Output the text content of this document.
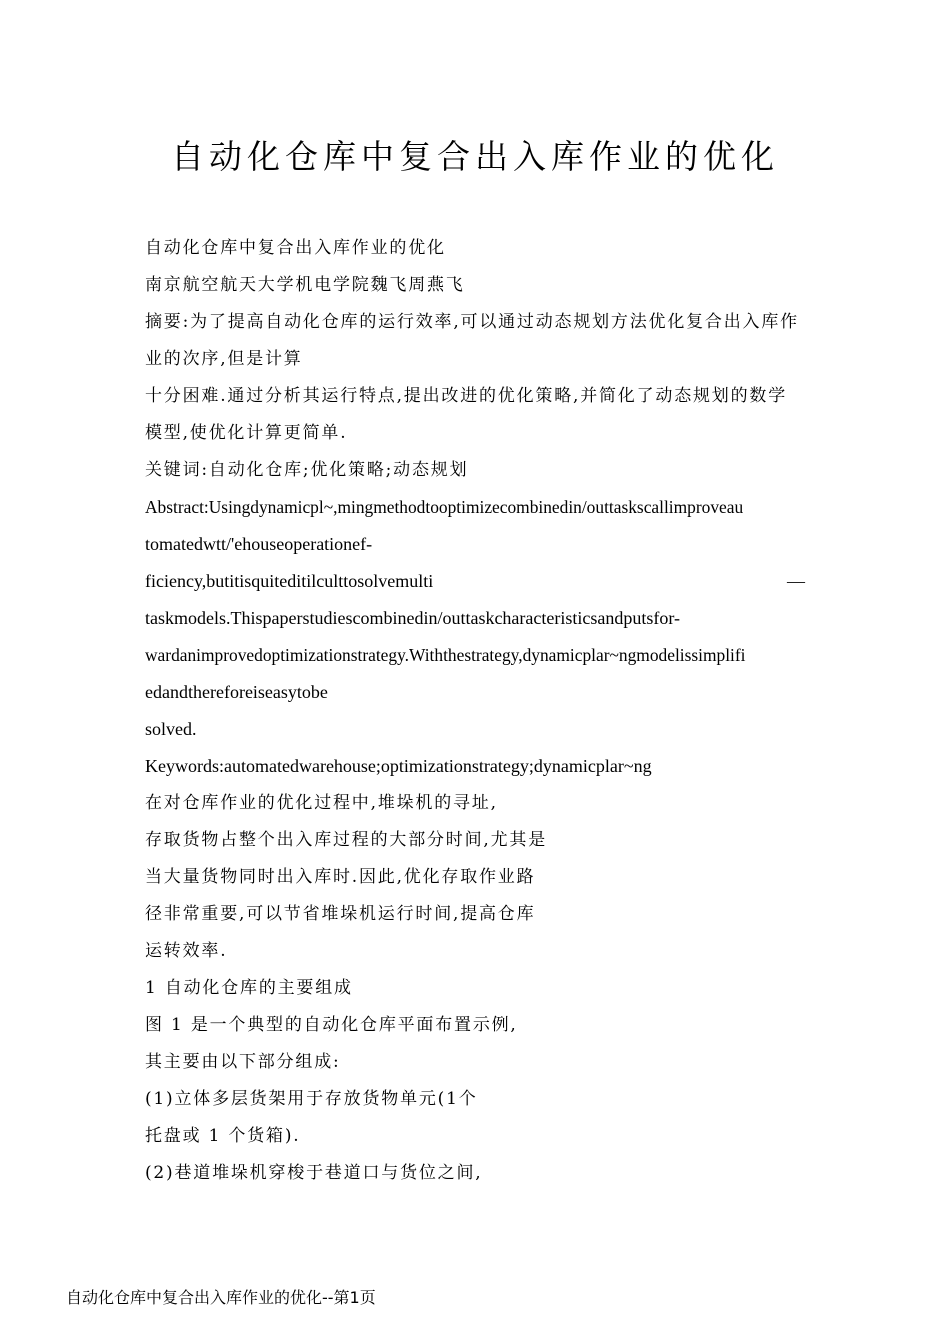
自动化仓库中复合出入库作业的优化
自动化仓库中复合出入库作业的优化
南京航空航天大学机电学院魏飞周燕飞
摘要:为了提高自动化仓库的运行效率,可以通过动态规划方法优化复合出入库作
业的次序,但是计算
十分困难.通过分析其运行特点,提出改进的优化策略,并简化了动态规划的数学
模型,使优化计算更简单.
关键词:自动化仓库;优化策略;动态规划
Abstract:Usingdynamicpl~,mingmethodtooptimizecombinedin/outtaskscallimproveau
tomatedwtt/'ehouseoperationef-
ficiency,butitisquiteditilculttosolvemulti	—
taskmodels.Thispaperstudiescombinedin/outtaskcharacteristicsandputsfor-
wardanimprovedoptimizationstrategy.Withthestrategy,dynamicplar~ngmodelissimplifi
edandthereforeiseasytobe
solved.
Keywords:automatedwarehouse;optimizationstrategy;dynamicplar~ng
在对仓库作业的优化过程中,堆垛机的寻址,
存取货物占整个出入库过程的大部分时间,尤其是
当大量货物同时出入库时.因此,优化存取作业路
径非常重要,可以节省堆垛机运行时间,提高仓库
运转效率.
1 自动化仓库的主要组成
图 1 是一个典型的自动化仓库平面布置示例,
其主要由以下部分组成:
(1)立体多层货架用于存放货物单元(1个
托盘或 1 个货箱).
(2)巷道堆垛机穿梭于巷道口与货位之间,
自动化仓库中复合出入库作业的优化--第1页
